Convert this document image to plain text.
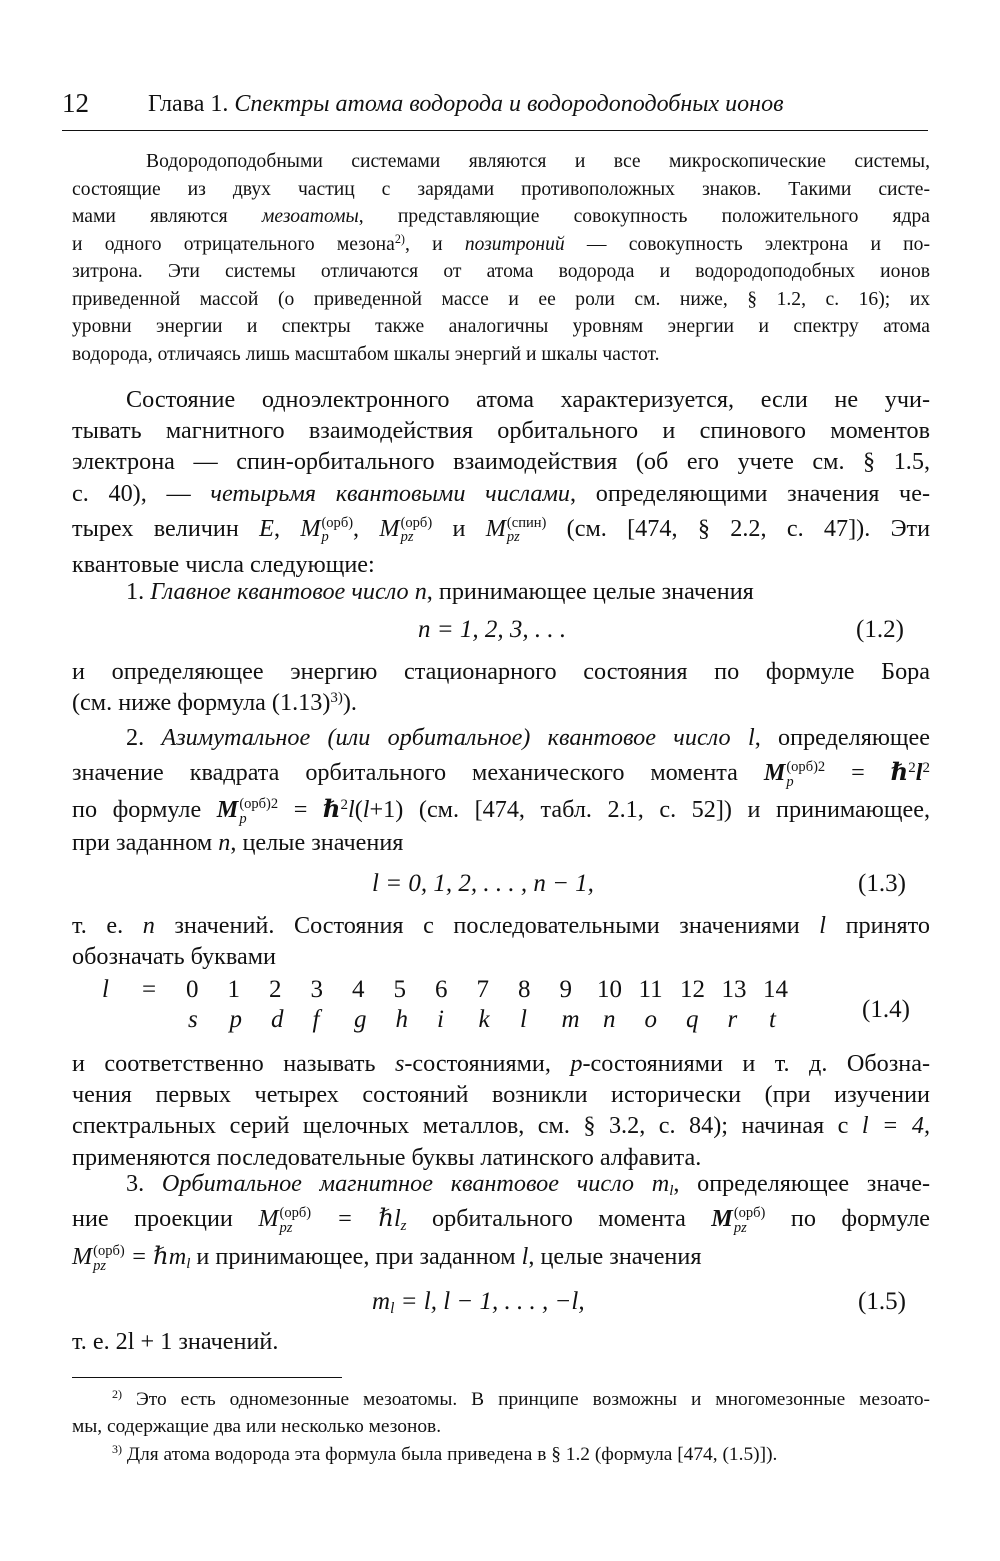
12 Глава 1. Спектры атома водорода и водородоподобных ионов
Водородоподобными системами являются и все микроскопические системы,
состоящие из двух частиц с зарядами противоположных знаков. Такими систе-
мами являются мезоатомы, представляющие совокупность положительного ядра
и одного отрицательного мезона$^{2)}$, и позитроний — совокупность электрона и по-
зитрона. Эти системы отличаются от атома водорода и водородоподобных ионов
приведенной массой (о приведенной массе и ее роли см. ниже, § 1.2, с. 16); их
уровни энергии и спектры также аналогичны уровням энергии и спектру атома
водорода, отличаясь лишь масштабом шкалы энергий и шкалы частот.
Состояние одноэлектронного атома характеризуется, если не учи-
тывать магнитного взаимодействия орбитального и спинового моментов
электрона — спин-орбитального взаимодействия (об его учете см. § 1.5,
с. 40), — четырьмя квантовыми числами, определяющими значения че-
тырех величин E, M (орб)
p	, M (орб)
pz	и M (спин)
pz	(см. [474, § 2.2, с. 47]). Эти
квантовые числа следующие:
1. Главное квантовое число n, принимающее целые значения
n = 1, 2, 3, . . .	(1.2)
и определяющее энергию стационарного состояния по формуле Бора
(см. ниже формула $(1.13)^{3)}$).
2. Азимутальное (или орбитальное) квантовое число l, определяющее
значение квадрата орбитального механического момента M (орб)2
p	= $\hbar^2l^2$
по формуле M (орб)2
p	= ℏ$^2$l(l+1) (см. [474, табл. 2.1, с. 52]) и принимающее,
при заданном n, целые значения
l = 0, 1, 2, . . . , n − 1,	(1.3)
т. е. n значений. Состояния с последовательными значениями l принято
обозначать буквами
l = 0 1 2 3 4 5 6 7 8 9 10 11 12 13 14
s p d f g h i k l m n o q r t	(1.4)
и соответственно называть s-состояниями, p-состояниями и т. д. Обозна-
чения первых четырех состояний возникли исторически (при изучении
спектральных серий щелочных металлов, см. § 3.2, с. 84); начиная с l = 4,
применяются последовательные буквы латинского алфавита.
3. Орбитальное магнитное квантовое число $m_l$, определяющее значе-
ние проекции M (орб)
pz	= ℏl$_z$ орбитального момента M (орб)
pz	по формуле
M (орб)
pz	= ℏm$_l$ и принимающее, при заданном l, целые значения
$m_l = l$, l − 1, . . . , −l,	(1.5)
т. е. 2l + 1 значений.
$^{2)}$ Это есть одномезонные мезоатомы. В принципе возможны и многомезонные мезоато-
мы, содержащие два или несколько мезонов.
$^{3)}$ Для атома водорода эта формула была приведена в § 1.2 (формула [474, (1.5)]).
